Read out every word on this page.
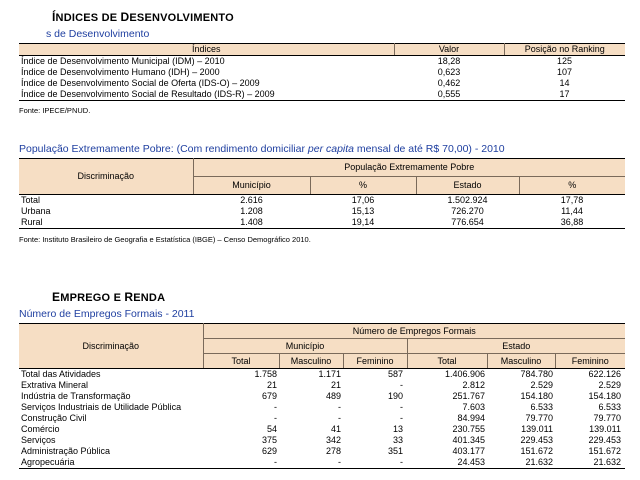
ÍNDICES DE DESENVOLVIMENTO
s de Desenvolvimento
Índices	Valor	Posição no Ranking
Índice de Desenvolvimento Municipal (IDM) – 2010	18,28	125
Índice de Desenvolvimento Humano (IDH) – 2000	0,623	107
Índice de Desenvolvimento Social de Oferta (IDS-O) – 2009	0,462	14
Índice de Desenvolvimento Social de Resultado (IDS-R) – 2009	0,555	17
Fonte: IPECE/PNUD.
População Extremamente Pobre: (Com rendimento domiciliar per capita mensal de até R$ 70,00) - 2010
Discriminação	População Extremamente Pobre			
	Município	%	Estado	%
Total	2.616	17,06	1.502.924	17,78
Urbana	1.208	15,13	726.270	11,44
Rural	1.408	19,14	776.654	36,88
Fonte: Instituto Brasileiro de Geografia e Estatística (IBGE) – Censo Demográfico 2010.
EMPREGO E RENDA
Número de Empregos Formais - 2011
Discriminação	Número de Empregos Formais					
	Município			Estado		
	Total	Masculino	Feminino	Total	Masculino	Feminino
Total das Atividades	1.758	1.171	587	1.406.906	784.780	622.126
Extrativa Mineral	21	21	-	2.812	2.529	2.529
Indústria de Transformação	679	489	190	251.767	154.180	154.180
Serviços Industriais de Utilidade Pública	-	-	-	7.603	6.533	6.533
Construção Civil	-	-	-	84.994	79.770	79.770
Comércio	54	41	13	230.755	139.011	139.011
Serviços	375	342	33	401.345	229.453	229.453
Administração Pública	629	278	351	403.177	151.672	151.672
Agropecuária	-	-	-	24.453	21.632	21.632
